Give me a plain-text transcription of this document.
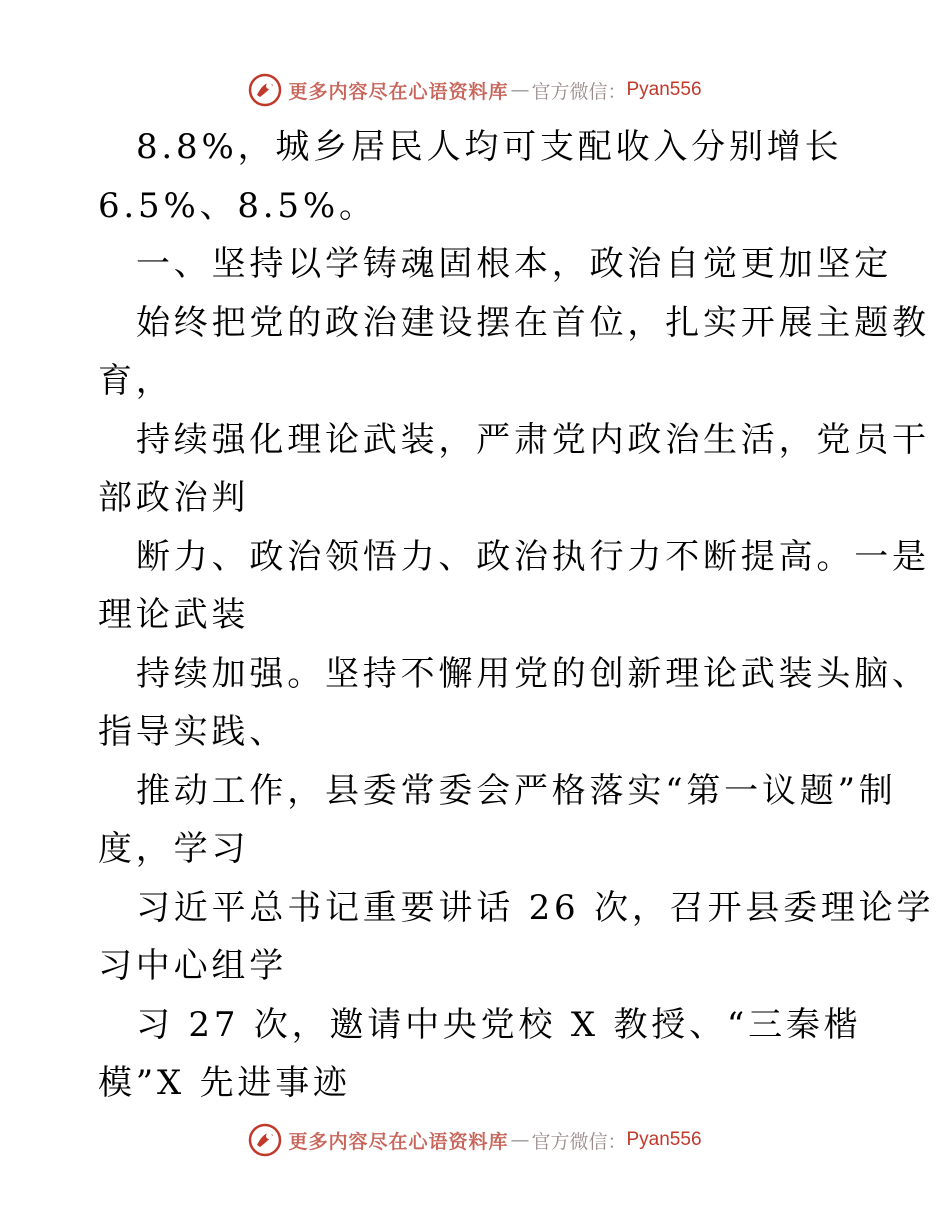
更多内容尽在心语资料库 — 官方微信： Pyan556
8.8%，城乡居民人均可支配收入分别增长
6.5%、8.5%。
一、坚持以学铸魂固根本，政治自觉更加坚定
始终把党的政治建设摆在首位，扎实开展主题教
育，
持续强化理论武装，严肃党内政治生活，党员干
部政治判
断力、政治领悟力、政治执行力不断提高。一是
理论武装
持续加强。坚持不懈用党的创新理论武装头脑、
指导实践、
推动工作，县委常委会严格落实“第一议题”制
度，学习
习近平总书记重要讲话 26 次，召开县委理论学
习中心组学
习 27 次，邀请中央党校 X 教授、“三秦楷
模”X 先进事迹
更多内容尽在心语资料库 — 官方微信： Pyan556
